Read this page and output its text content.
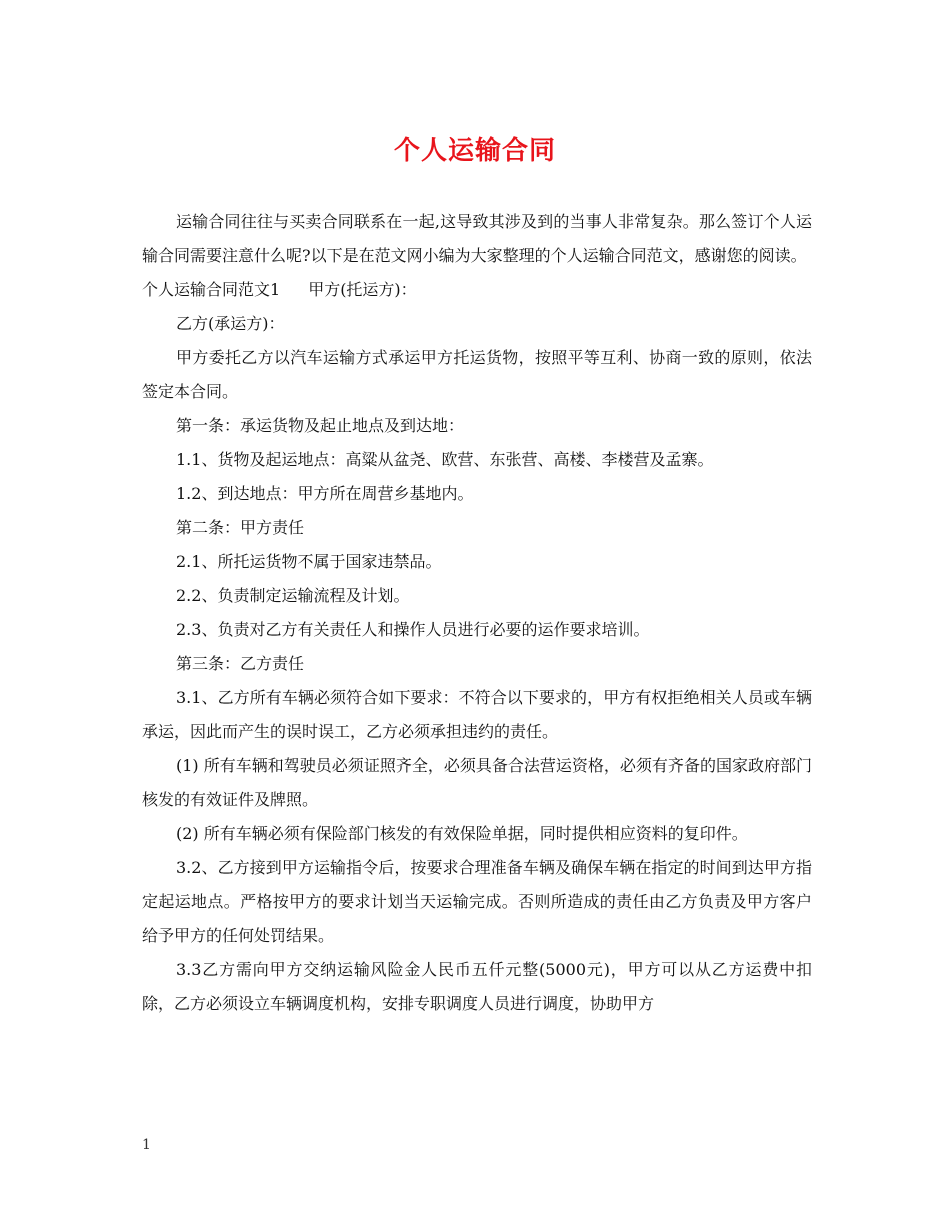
个人运输合同

运输合同往往与买卖合同联系在一起,这导致其涉及到的当事人非常复杂。那么签订个人运输合同需要注意什么呢?以下是在范文网小编为大家整理的个人运输合同范文，感谢您的阅读。

个人运输合同范文1 甲方(托运方)：

乙方(承运方)：

甲方委托乙方以汽车运输方式承运甲方托运货物，按照平等互利、协商一致的原则，依法签定本合同。

第一条：承运货物及起止地点及到达地：

1.1、货物及起运地点：高粱从盆尧、欧营、东张营、高楼、李楼营及孟寨。

1.2、到达地点：甲方所在周营乡基地内。

第二条：甲方责任

2.1、所托运货物不属于国家违禁品。

2.2、负责制定运输流程及计划。

2.3、负责对乙方有关责任人和操作人员进行必要的运作要求培训。

第三条：乙方责任

3.1、乙方所有车辆必须符合如下要求：不符合以下要求的，甲方有权拒绝相关人员或车辆承运，因此而产生的误时误工，乙方必须承担违约的责任。

(1) 所有车辆和驾驶员必须证照齐全，必须具备合法营运资格，必须有齐备的国家政府部门核发的有效证件及牌照。

(2) 所有车辆必须有保险部门核发的有效保险单据，同时提供相应资料的复印件。

3.2、乙方接到甲方运输指令后，按要求合理准备车辆及确保车辆在指定的时间到达甲方指定起运地点。严格按甲方的要求计划当天运输完成。否则所造成的责任由乙方负责及甲方客户给予甲方的任何处罚结果。

3.3乙方需向甲方交纳运输风险金人民币五仟元整(5000元)，甲方可以从乙方运费中扣除，乙方必须设立车辆调度机构，安排专职调度人员进行调度，协助甲方

1
